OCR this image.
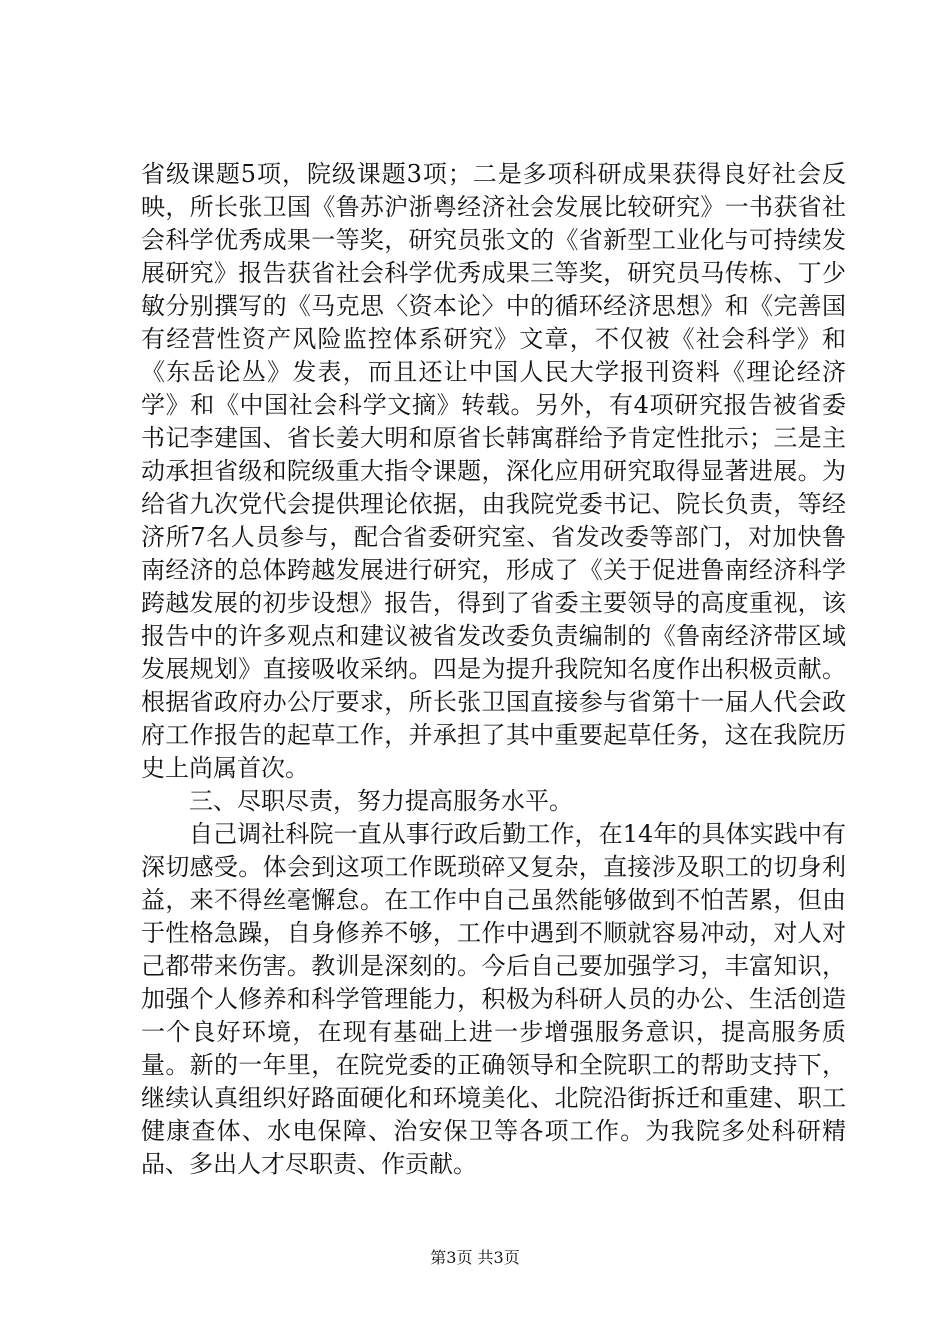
省级课题5项，院级课题3项；二是多项科研成果获得良好社会反映，所长张卫国《鲁苏沪浙粤经济社会发展比较研究》一书获省社会科学优秀成果一等奖，研究员张文的《省新型工业化与可持续发展研究》报告获省社会科学优秀成果三等奖，研究员马传栋、丁少敏分别撰写的《马克思〈资本论〉中的循环经济思想》和《完善国有经营性资产风险监控体系研究》文章，不仅被《社会科学》和《东岳论丛》发表，而且还让中国人民大学报刊资料《理论经济学》和《中国社会科学文摘》转载。另外，有4项研究报告被省委书记李建国、省长姜大明和原省长韩寓群给予肯定性批示；三是主动承担省级和院级重大指令课题，深化应用研究取得显著进展。为给省九次党代会提供理论依据，由我院党委书记、院长负责，等经济所7名人员参与，配合省委研究室、省发改委等部门，对加快鲁南经济的总体跨越发展进行研究，形成了《关于促进鲁南经济科学跨越发展的初步设想》报告，得到了省委主要领导的高度重视，该报告中的许多观点和建议被省发改委负责编制的《鲁南经济带区域发展规划》直接吸收采纳。四是为提升我院知名度作出积极贡献。根据省政府办公厅要求，所长张卫国直接参与省第十一届人代会政府工作报告的起草工作，并承担了其中重要起草任务，这在我院历史上尚属首次。

三、尽职尽责，努力提高服务水平。

自己调社科院一直从事行政后勤工作，在14年的具体实践中有深切感受。体会到这项工作既琐碎又复杂，直接涉及职工的切身利益，来不得丝毫懈怠。在工作中自己虽然能够做到不怕苦累，但由于性格急躁，自身修养不够，工作中遇到不顺就容易冲动，对人对己都带来伤害。教训是深刻的。今后自己要加强学习，丰富知识，加强个人修养和科学管理能力，积极为科研人员的办公、生活创造一个良好环境，在现有基础上进一步增强服务意识，提高服务质量。新的一年里，在院党委的正确领导和全院职工的帮助支持下，继续认真组织好路面硬化和环境美化、北院沿街拆迁和重建、职工健康查体、水电保障、治安保卫等各项工作。为我院多处科研精品、多出人才尽职责、作贡献。

第3页 共3页
